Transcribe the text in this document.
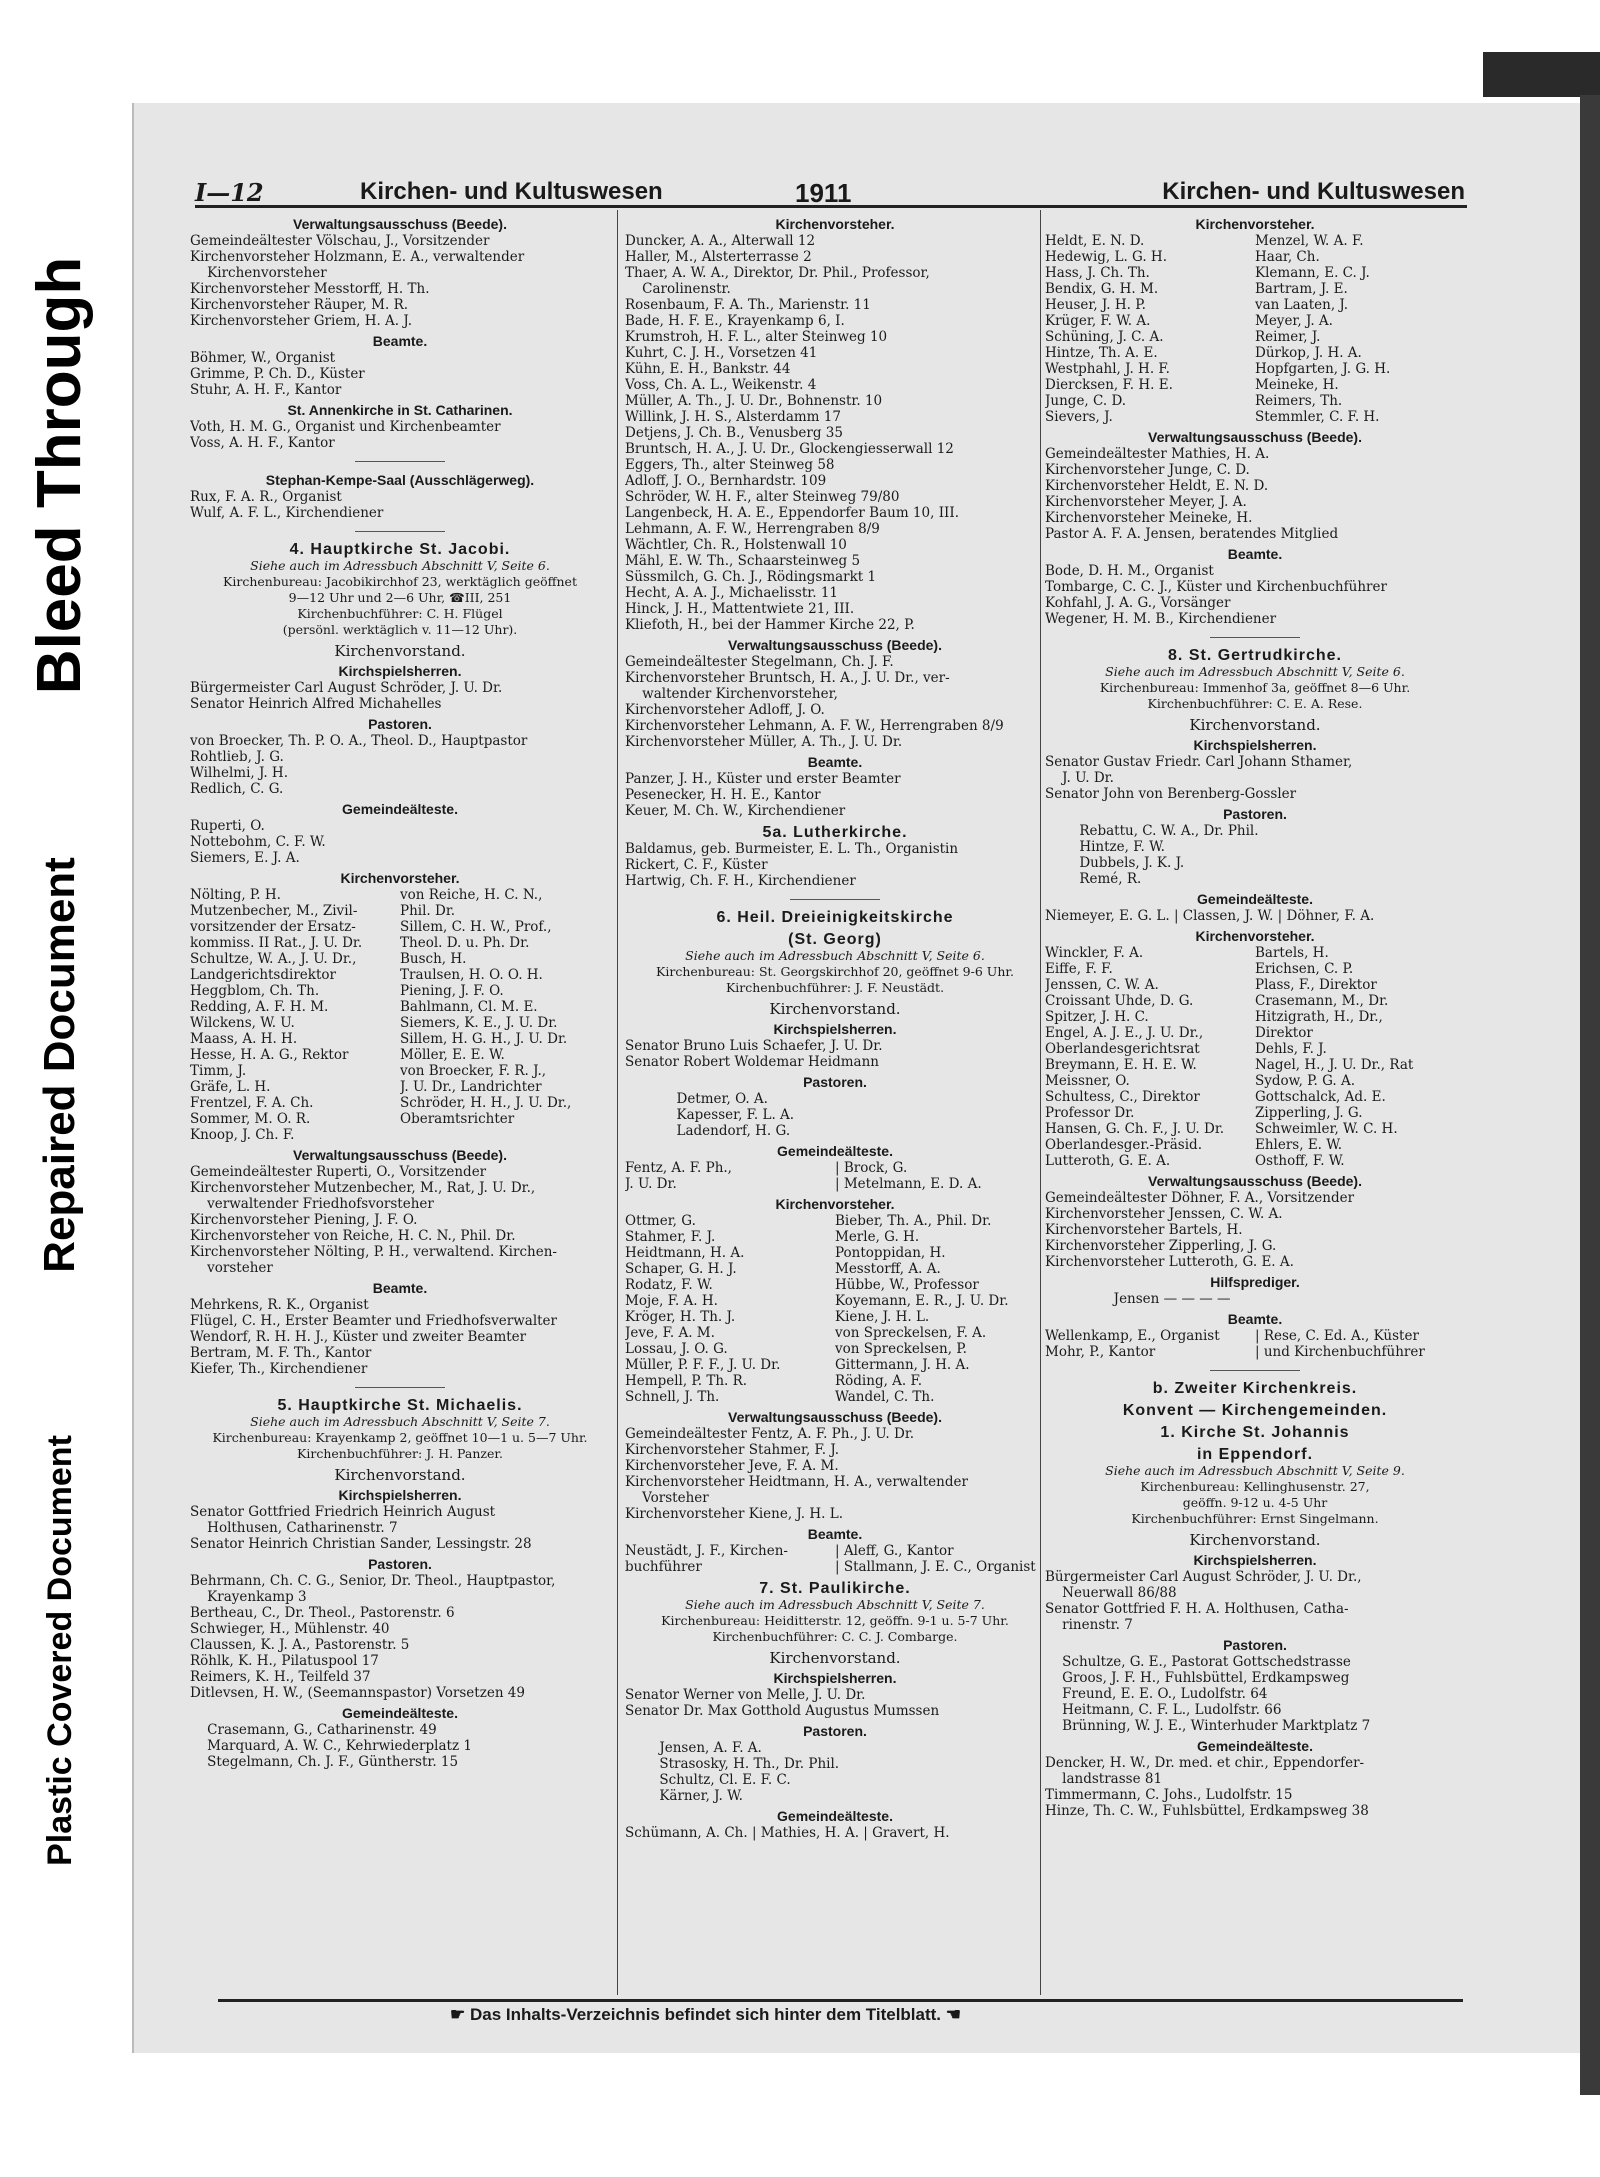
Bleed Through
Repaired Document
Plastic Covered Document
I—12	Kirchen- und Kultuswesen	1911	Kirchen- und Kultuswesen
Verwaltungsausschuss (Beede).
Gemeindeältester Völschau, J., Vorsitzender
Kirchenvorsteher Holzmann, E. A., verwaltender
Kirchenvorsteher
Kirchenvorsteher Messtorff, H. Th.
Kirchenvorsteher Räuper, M. R.
Kirchenvorsteher Griem, H. A. J.
Beamte.
Böhmer, W., Organist
Grimme, P. Ch. D., Küster
Stuhr, A. H. F., Kantor
St. Annenkirche in St. Catharinen.
Voth, H. M. G., Organist und Kirchenbeamter
Voss, A. H. F., Kantor
Stephan-Kempe-Saal (Ausschlägerweg).
Rux, F. A. R., Organist
Wulf, A. F. L., Kirchendiener
4. Hauptkirche St. Jacobi.
Siehe auch im Adressbuch Abschnitt V, Seite 6.
Kirchenbureau: Jacobikirchhof 23, werktäglich geöffnet
9—12 Uhr und 2—6 Uhr, ☎III, 251
Kirchenbuchführer: C. H. Flügel
(persönl. werktäglich v. 11—12 Uhr).
Kirchenvorstand.
Kirchspielsherren.
Bürgermeister Carl August Schröder, J. U. Dr.
Senator Heinrich Alfred Michahelles
Pastoren.
von Broecker, Th. P. O. A., Theol. D., Hauptpastor
Rohtlieb, J. G.
Wilhelmi, J. H.
Redlich, C. G.
Gemeindeälteste.
Ruperti, O.
Nottebohm, C. F. W.
Siemers, E. J. A.
Kirchenvorsteher.
Nölting, P. H.	von Reiche, H. C. N.,
Mutzenbecher, M., Zivil-	Phil. Dr.
vorsitzender der Ersatz-	Sillem, C. H. W., Prof.,
kommiss. II Rat., J. U. Dr.	Theol. D. u. Ph. Dr.
Schultze, W. A., J. U. Dr.,	Busch, H.
Landgerichtsdirektor	Traulsen, H. O. O. H.
Heggblom, Ch. Th.	Piening, J. F. O.
Redding, A. F. H. M.	Bahlmann, Cl. M. E.
Wilckens, W. U.	Siemers, K. E., J. U. Dr.
Maass, A. H. H.	Sillem, H. G. H., J. U. Dr.
Hesse, H. A. G., Rektor	Möller, E. E. W.
Timm, J.	von Broecker, F. R. J.,
Gräfe, L. H.	J. U. Dr., Landrichter
Frentzel, F. A. Ch.	Schröder, H. H., J. U. Dr.,
Sommer, M. O. R.	Oberamtsrichter
Knoop, J. Ch. F.
Verwaltungsausschuss (Beede).
Gemeindeältester Ruperti, O., Vorsitzender
Kirchenvorsteher Mutzenbecher, M., Rat, J. U. Dr.,
verwaltender Friedhofsvorsteher
Kirchenvorsteher Piening, J. F. O.
Kirchenvorsteher von Reiche, H. C. N., Phil. Dr.
Kirchenvorsteher Nölting, P. H., verwaltend. Kirchen-
vorsteher
Beamte.
Mehrkens, R. K., Organist
Flügel, C. H., Erster Beamter und Friedhofsverwalter
Wendorf, R. H. H. J., Küster und zweiter Beamter
Bertram, M. F. Th., Kantor
Kiefer, Th., Kirchendiener
5. Hauptkirche St. Michaelis.
Siehe auch im Adressbuch Abschnitt V, Seite 7.
Kirchenbureau: Krayenkamp 2, geöffnet 10—1 u. 5—7 Uhr.
Kirchenbuchführer: J. H. Panzer.
Kirchenvorstand.
Kirchspielsherren.
Senator Gottfried Friedrich Heinrich August
Holthusen, Catharinenstr. 7
Senator Heinrich Christian Sander, Lessingstr. 28
Pastoren.
Behrmann, Ch. C. G., Senior, Dr. Theol., Hauptpastor,
Krayenkamp 3
Bertheau, C., Dr. Theol., Pastorenstr. 6
Schwieger, H., Mühlenstr. 40
Claussen, K. J. A., Pastorenstr. 5
Röhlk, K. H., Pilatuspool 17
Reimers, K. H., Teilfeld 37
Ditlevsen, H. W., (Seemannspastor) Vorsetzen 49
Gemeindeälteste.
Crasemann, G., Catharinenstr. 49
Marquard, A. W. C., Kehrwiederplatz 1
Stegelmann, Ch. J. F., Güntherstr. 15
Kirchenvorsteher.
Duncker, A. A., Alterwall 12
Haller, M., Alsterterrasse 2
Thaer, A. W. A., Direktor, Dr. Phil., Professor,
Carolinenstr.
Rosenbaum, F. A. Th., Marienstr. 11
Bade, H. F. E., Krayenkamp 6, I.
Krumstroh, H. F. L., alter Steinweg 10
Kuhrt, C. J. H., Vorsetzen 41
Kühn, E. H., Bankstr. 44
Voss, Ch. A. L., Weikenstr. 4
Müller, A. Th., J. U. Dr., Bohnenstr. 10
Willink, J. H. S., Alsterdamm 17
Detjens, J. Ch. B., Venusberg 35
Bruntsch, H. A., J. U. Dr., Glockengiesserwall 12
Eggers, Th., alter Steinweg 58
Adloff, J. O., Bernhardstr. 109
Schröder, W. H. F., alter Steinweg 79/80
Langenbeck, H. A. E., Eppendorfer Baum 10, III.
Lehmann, A. F. W., Herrengraben 8/9
Wächtler, Ch. R., Holstenwall 10
Mähl, E. W. Th., Schaarsteinweg 5
Süssmilch, G. Ch. J., Rödingsmarkt 1
Hecht, A. A. J., Michaelisstr. 11
Hinck, J. H., Mattentwiete 21, III.
Kliefoth, H., bei der Hammer Kirche 22, P.
Verwaltungsausschuss (Beede).
Gemeindeältester Stegelmann, Ch. J. F.
Kirchenvorsteher Bruntsch, H. A., J. U. Dr., ver-
waltender Kirchenvorsteher,
Kirchenvorsteher Adloff, J. O.
Kirchenvorsteher Lehmann, A. F. W., Herrengraben 8/9
Kirchenvorsteher Müller, A. Th., J. U. Dr.
Beamte.
Panzer, J. H., Küster und erster Beamter
Pesenecker, H. H. E., Kantor
Keuer, M. Ch. W., Kirchendiener
5a. Lutherkirche.
Baldamus, geb. Burmeister, E. L. Th., Organistin
Rickert, C. F., Küster
Hartwig, Ch. F. H., Kirchendiener
6. Heil. Dreieinigkeitskirche
(St. Georg)
Siehe auch im Adressbuch Abschnitt V, Seite 6.
Kirchenbureau: St. Georgskirchhof 20, geöffnet 9-6 Uhr.
Kirchenbuchführer: J. F. Neustädt.
Kirchenvorstand.
Kirchspielsherren.
Senator Bruno Luis Schaefer, J. U. Dr.
Senator Robert Woldemar Heidmann
Pastoren.
Detmer, O. A.
Kapesser, F. L. A.
Ladendorf, H. G.
Gemeindeälteste.
Fentz, A. F. Ph.,	| Brock, G.
J. U. Dr.	| Metelmann, E. D. A.
Kirchenvorsteher.
Ottmer, G.	Bieber, Th. A., Phil. Dr.
Stahmer, F. J.	Merle, G. H.
Heidtmann, H. A.	Pontoppidan, H.
Schaper, G. H. J.	Messtorff, A. A.
Rodatz, F. W.	Hübbe, W., Professor
Moje, F. A. H.	Koyemann, E. R., J. U. Dr.
Kröger, H. Th. J.	Kiene, J. H. L.
Jeve, F. A. M.	von Spreckelsen, F. A.
Lossau, J. O. G.	von Spreckelsen, P.
Müller, P. F. F., J. U. Dr.	Gittermann, J. H. A.
Hempell, P. Th. R.	Röding, A. F.
Schnell, J. Th.	Wandel, C. Th.
Verwaltungsausschuss (Beede).
Gemeindeältester Fentz, A. F. Ph., J. U. Dr.
Kirchenvorsteher Stahmer, F. J.
Kirchenvorsteher Jeve, F. A. M.
Kirchenvorsteher Heidtmann, H. A., verwaltender
Vorsteher
Kirchenvorsteher Kiene, J. H. L.
Beamte.
Neustädt, J. F., Kirchen-	| Aleff, G., Kantor
buchführer	| Stallmann, J. E. C., Organist
7. St. Paulikirche.
Siehe auch im Adressbuch Abschnitt V, Seite 7.
Kirchenbureau: Heiditterstr. 12, geöffn. 9-1 u. 5-7 Uhr.
Kirchenbuchführer: C. C. J. Combarge.
Kirchenvorstand.
Kirchspielsherren.
Senator Werner von Melle, J. U. Dr.
Senator Dr. Max Gotthold Augustus Mumssen
Pastoren.
Jensen, A. F. A.
Strasosky, H. Th., Dr. Phil.
Schultz, Cl. E. F. C.
Kärner, J. W.
Gemeindeälteste.
Schümann, A. Ch. | Mathies, H. A. | Gravert, H.
Kirchenvorsteher.
Heldt, E. N. D.	Menzel, W. A. F.
Hedewig, L. G. H.	Haar, Ch.
Hass, J. Ch. Th.	Klemann, E. C. J.
Bendix, G. H. M.	Bartram, J. E.
Heuser, J. H. P.	van Laaten, J.
Krüger, F. W. A.	Meyer, J. A.
Schüning, J. C. A.	Reimer, J.
Hintze, Th. A. E.	Dürkop, J. H. A.
Westphahl, J. H. F.	Hopfgarten, J. G. H.
Diercksen, F. H. E.	Meineke, H.
Junge, C. D.	Reimers, Th.
Sievers, J.	Stemmler, C. F. H.
Verwaltungsausschuss (Beede).
Gemeindeältester Mathies, H. A.
Kirchenvorsteher Junge, C. D.
Kirchenvorsteher Heldt, E. N. D.
Kirchenvorsteher Meyer, J. A.
Kirchenvorsteher Meineke, H.
Pastor A. F. A. Jensen, beratendes Mitglied
Beamte.
Bode, D. H. M., Organist
Tombarge, C. C. J., Küster und Kirchenbuchführer
Kohfahl, J. A. G., Vorsänger
Wegener, H. M. B., Kirchendiener
8. St. Gertrudkirche.
Siehe auch im Adressbuch Abschnitt V, Seite 6.
Kirchenbureau: Immenhof 3a, geöffnet 8—6 Uhr.
Kirchenbuchführer: C. E. A. Rese.
Kirchenvorstand.
Kirchspielsherren.
Senator Gustav Friedr. Carl Johann Sthamer,
J. U. Dr.
Senator John von Berenberg-Gossler
Pastoren.
Rebattu, C. W. A., Dr. Phil.
Hintze, F. W.
Dubbels, J. K. J.
Remé, R.
Gemeindeälteste.
Niemeyer, E. G. L. | Classen, J. W. | Döhner, F. A.
Kirchenvorsteher.
Winckler, F. A.	Bartels, H.
Eiffe, F. F.	Erichsen, C. P.
Jenssen, C. W. A.	Plass, F., Direktor
Croissant Uhde, D. G.	Crasemann, M., Dr.
Spitzer, J. H. C.	Hitzigrath, H., Dr.,
Engel, A. J. E., J. U. Dr.,	Direktor
Oberlandesgerichtsrat	Dehls, F. J.
Breymann, E. H. E. W.	Nagel, H., J. U. Dr., Rat
Meissner, O.	Sydow, P. G. A.
Schultess, C., Direktor	Gottschalck, Ad. E.
Professor Dr.	Zipperling, J. G.
Hansen, G. Ch. F., J. U. Dr.	Schweimler, W. C. H.
Oberlandesger.-Präsid.	Ehlers, E. W.
Lutteroth, G. E. A.	Osthoff, F. W.
Verwaltungsausschuss (Beede).
Gemeindeältester Döhner, F. A., Vorsitzender
Kirchenvorsteher Jenssen, C. W. A.
Kirchenvorsteher Bartels, H.
Kirchenvorsteher Zipperling, J. G.
Kirchenvorsteher Lutteroth, G. E. A.
Hilfsprediger.
Jensen — — — —
Beamte.
Wellenkamp, E., Organist	| Rese, C. Ed. A., Küster
Mohr, P., Kantor	| und Kirchenbuchführer
b. Zweiter Kirchenkreis.
Konvent — Kirchengemeinden.
1. Kirche St. Johannis
in Eppendorf.
Siehe auch im Adressbuch Abschnitt V, Seite 9.
Kirchenbureau: Kellinghusenstr. 27,
geöffn. 9-12 u. 4-5 Uhr
Kirchenbuchführer: Ernst Singelmann.
Kirchenvorstand.
Kirchspielsherren.
Bürgermeister Carl August Schröder, J. U. Dr.,
Neuerwall 86/88
Senator Gottfried F. H. A. Holthusen, Catha-
rinenstr. 7
Pastoren.
Schultze, G. E., Pastorat Gottschedstrasse
Groos, J. F. H., Fuhlsbüttel, Erdkampsweg
Freund, E. E. O., Ludolfstr. 64
Heitmann, C. F. L., Ludolfstr. 66
Brünning, W. J. E., Winterhuder Marktplatz 7
Gemeindeälteste.
Dencker, H. W., Dr. med. et chir., Eppendorfer-
landstrasse 81
Timmermann, C. Johs., Ludolfstr. 15
Hinze, Th. C. W., Fuhlsbüttel, Erdkampsweg 38
☛ Das Inhalts-Verzeichnis befindet sich hinter dem Titelblatt. ☚
